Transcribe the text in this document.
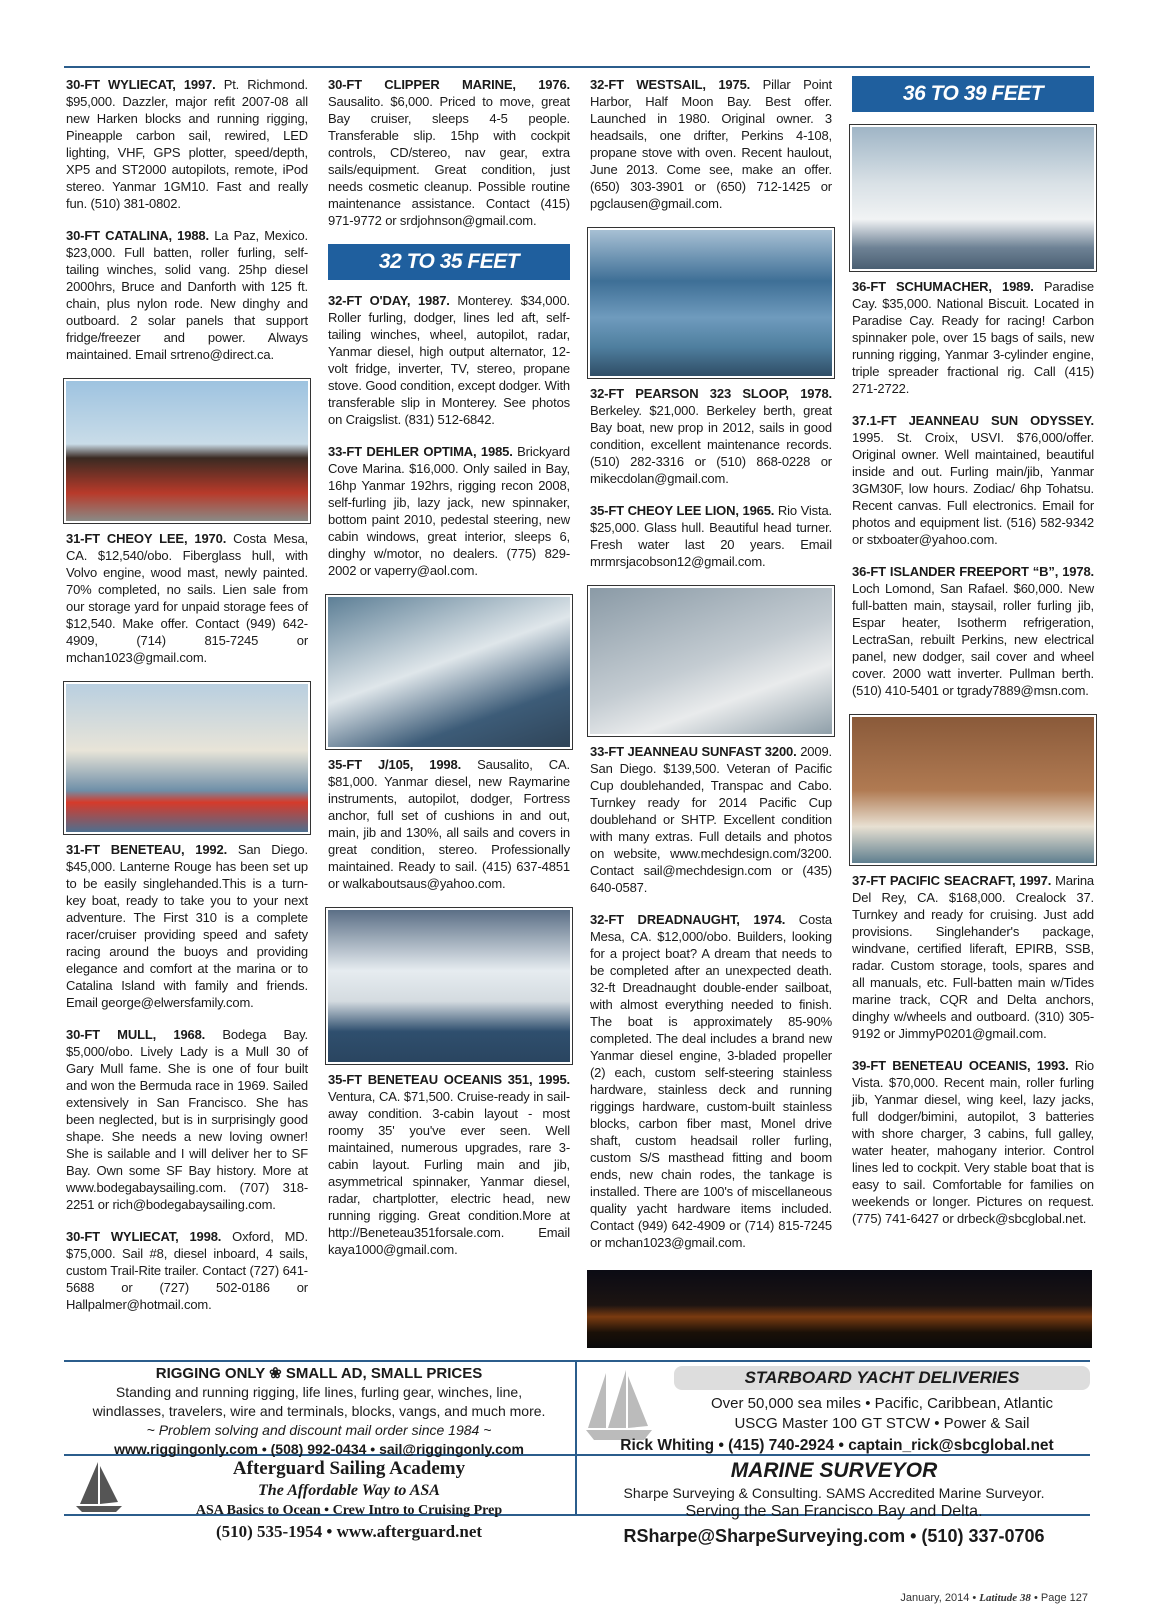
30-FT WYLIECAT, 1997. Pt. Richmond. $95,000. Dazzler, major refit 2007-08 all new Harken blocks and running rigging, Pineapple carbon sail, rewired, LED lighting, VHF, GPS plotter, speed/depth, XP5 and ST2000 autopilots, remote, iPod stereo. Yanmar 1GM10. Fast and really fun. (510) 381-0802.
30-FT CATALINA, 1988. La Paz, Mexico. $23,000. Full batten, roller furling, self-tailing winches, solid vang. 25hp diesel 2000hrs, Bruce and Danforth with 125 ft. chain, plus nylon rode. New dinghy and outboard. 2 solar panels that support fridge/freezer and power. Always maintained. Email srtreno@direct.ca.
31-FT CHEOY LEE, 1970. Costa Mesa, CA. $12,540/obo. Fiberglass hull, with Volvo engine, wood mast, newly painted. 70% completed, no sails. Lien sale from our storage yard for unpaid storage fees of $12,540. Make offer. Contact (949) 642-4909, (714) 815-7245 or mchan1023@gmail.com.
31-FT BENETEAU, 1992. San Diego. $45,000. Lanterne Rouge has been set up to be easily singlehanded.This is a turn-key boat, ready to take you to your next adventure. The First 310 is a complete racer/cruiser providing speed and safety racing around the buoys and providing elegance and comfort at the marina or to Catalina Island with family and friends. Email george@elwersfamily.com.
30-FT MULL, 1968. Bodega Bay. $5,000/obo. Lively Lady is a Mull 30 of Gary Mull fame. She is one of four built and won the Bermuda race in 1969. Sailed extensively in San Francisco. She has been neglected, but is in surprisingly good shape. She needs a new loving owner! She is sailable and I will deliver her to SF Bay. Own some SF Bay history. More at www.bodegabaysailing.com. (707) 318-2251 or rich@bodegabaysailing.com.
30-FT WYLIECAT, 1998. Oxford, MD. $75,000. Sail #8, diesel inboard, 4 sails, custom Trail-Rite trailer. Contact (727) 641-5688 or (727) 502-0186 or Hallpalmer@hotmail.com.
30-FT CLIPPER MARINE, 1976. Sausalito. $6,000. Priced to move, great Bay cruiser, sleeps 4-5 people. Transferable slip. 15hp with cockpit controls, CD/stereo, nav gear, extra sails/equipment. Great condition, just needs cosmetic cleanup. Possible routine maintenance assistance. Contact (415) 971-9772 or srdjohnson@gmail.com.
32 TO 35 FEET
32-FT O'DAY, 1987. Monterey. $34,000. Roller furling, dodger, lines led aft, self-tailing winches, wheel, autopilot, radar, Yanmar diesel, high output alternator, 12-volt fridge, inverter, TV, stereo, propane stove. Good condition, except dodger. With transferable slip in Monterey. See photos on Craigslist. (831) 512-6842.
33-FT DEHLER OPTIMA, 1985. Brickyard Cove Marina. $16,000. Only sailed in Bay, 16hp Yanmar 192hrs, rigging recon 2008, self-furling jib, lazy jack, new spinnaker, bottom paint 2010, pedestal steering, new cabin windows, great interior, sleeps 6, dinghy w/motor, no dealers. (775) 829-2002 or vaperry@aol.com.
35-FT J/105, 1998. Sausalito, CA. $81,000. Yanmar diesel, new Raymarine instruments, autopilot, dodger, Fortress anchor, full set of cushions in and out, main, jib and 130%, all sails and covers in great condition, stereo. Professionally maintained. Ready to sail. (415) 637-4851 or walkaboutsaus@yahoo.com.
35-FT BENETEAU OCEANIS 351, 1995. Ventura, CA. $71,500. Cruise-ready in sail-away condition. 3-cabin layout - most roomy 35' you've ever seen. Well maintained, numerous upgrades, rare 3-cabin layout. Furling main and jib, asymmetrical spinnaker, Yanmar diesel, radar, chartplotter, electric head, new running rigging. Great condition.More at http://Beneteau351forsale.com. Email kaya1000@gmail.com.
32-FT WESTSAIL, 1975. Pillar Point Harbor, Half Moon Bay. Best offer. Launched in 1980. Original owner. 3 headsails, one drifter, Perkins 4-108, propane stove with oven. Recent haulout, June 2013. Come see, make an offer. (650) 303-3901 or (650) 712-1425 or pgclausen@gmail.com.
32-FT PEARSON 323 SLOOP, 1978. Berkeley. $21,000. Berkeley berth, great Bay boat, new prop in 2012, sails in good condition, excellent maintenance records. (510) 282-3316 or (510) 868-0228 or mikecdolan@gmail.com.
35-FT CHEOY LEE LION, 1965. Rio Vista. $25,000. Glass hull. Beautiful head turner. Fresh water last 20 years. Email mrmrsjacobson12@gmail.com.
33-FT JEANNEAU SUNFAST 3200. 2009. San Diego. $139,500. Veteran of Pacific Cup doublehanded, Transpac and Cabo. Turnkey ready for 2014 Pacific Cup doublehand or SHTP. Excellent condition with many extras. Full details and photos on website, www.mechdesign.com/3200. Contact sail@mechdesign.com or (435) 640-0587.
32-FT DREADNAUGHT, 1974. Costa Mesa, CA. $12,000/obo. Builders, looking for a project boat? A dream that needs to be completed after an unexpected death. 32-ft Dreadnaught double-ender sailboat, with almost everything needed to finish. The boat is approximately 85-90% completed. The deal includes a brand new Yanmar diesel engine, 3-bladed propeller (2) each, custom self-steering stainless hardware, stainless deck and running riggings hardware, custom-built stainless blocks, carbon fiber mast, Monel drive shaft, custom headsail roller furling, custom S/S masthead fitting and boom ends, new chain rodes, the tankage is installed. There are 100's of miscellaneous quality yacht hardware items included. Contact (949) 642-4909 or (714) 815-7245 or mchan1023@gmail.com.
36 TO 39 FEET
36-FT SCHUMACHER, 1989. Paradise Cay. $35,000. National Biscuit. Located in Paradise Cay. Ready for racing! Carbon spinnaker pole, over 15 bags of sails, new running rigging, Yanmar 3-cylinder engine, triple spreader fractional rig. Call (415) 271-2722.
37.1-FT JEANNEAU SUN ODYSSEY. 1995. St. Croix, USVI. $76,000/offer. Original owner. Well maintained, beautiful inside and out. Furling main/jib, Yanmar 3GM30F, low hours. Zodiac/ 6hp Tohatsu. Recent canvas. Full electronics. Email for photos and equipment list. (516) 582-9342 or stxboater@yahoo.com.
36-FT ISLANDER FREEPORT “B”, 1978. Loch Lomond, San Rafael. $60,000. New full-batten main, staysail, roller furling jib, Espar heater, Isotherm refrigeration, LectraSan, rebuilt Perkins, new electrical panel, new dodger, sail cover and wheel cover. 2000 watt inverter. Pullman berth. (510) 410-5401 or tgrady7889@msn.com.
37-FT PACIFIC SEACRAFT, 1997. Marina Del Rey, CA. $168,000. Crealock 37. Turnkey and ready for cruising. Just add provisions. Singlehander's package, windvane, certified liferaft, EPIRB, SSB, radar. Custom storage, tools, spares and all manuals, etc. Full-batten main w/Tides marine track, CQR and Delta anchors, dinghy w/wheels and outboard. (310) 305-9192 or JimmyP0201@gmail.com.
39-FT BENETEAU OCEANIS, 1993. Rio Vista. $70,000. Recent main, roller furling jib, Yanmar diesel, wing keel, lazy jacks, full dodger/bimini, autopilot, 3 batteries with shore charger, 3 cabins, full galley, water heater, mahogany interior. Control lines led to cockpit. Very stable boat that is easy to sail. Comfortable for families on weekends or longer. Pictures on request. (775) 741-6427 or drbeck@sbcglobal.net.
RIGGING ONLY ❀ SMALL AD, SMALL PRICES
Standing and running rigging, life lines, furling gear, winches, line,
windlasses, travelers, wire and terminals, blocks, vangs, and much more.
~ Problem solving and discount mail order since 1984 ~
www.riggingonly.com • (508) 992-0434 • sail@riggingonly.com
STARBOARD YACHT DELIVERIES
Over 50,000 sea miles • Pacific, Caribbean, Atlantic
USCG Master 100 GT STCW • Power & Sail
Rick Whiting • (415) 740-2924 • captain_rick@sbcglobal.net
Afterguard Sailing Academy
The Affordable Way to ASA
ASA Basics to Ocean • Crew Intro to Cruising Prep
(510) 535-1954 • www.afterguard.net
MARINE SURVEYOR
Sharpe Surveying & Consulting. SAMS Accredited Marine Surveyor.
Serving the San Francisco Bay and Delta.
RSharpe@SharpeSurveying.com • (510) 337-0706
January, 2014 • Latitude 38 • Page 127
